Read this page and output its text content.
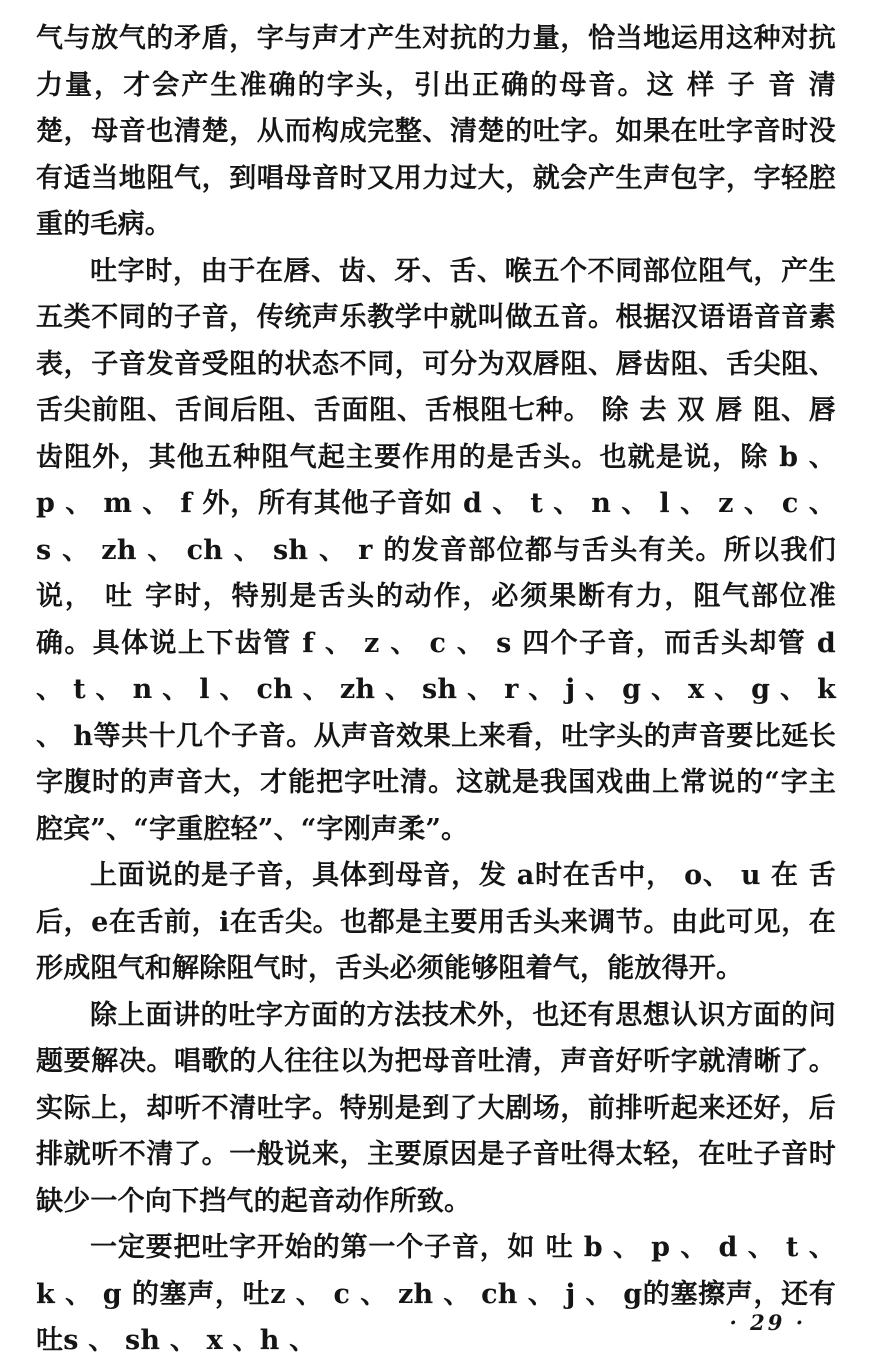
气与放气的矛盾，字与声才产生对抗的力量，恰当地运用这种对抗力量，才会产生准确的字头，引出正确的母音。这 样 子 音 清 楚，母音也清楚，从而构成完整、清楚的吐字。如果在吐字音时没有适当地阻气，到唱母音时又用力过大，就会产生声包字，字轻腔重的毛病。

吐字时，由于在唇、齿、牙、舌、喉五个不同部位阻气，产生五类不同的子音，传统声乐教学中就叫做五音。根据汉语语音音素表，子音发音受阻的状态不同，可分为双唇阻、唇齿阻、舌尖阻、舌尖前阻、舌间后阻、舌面阻、舌根阻七种。 除 去 双 唇 阻、唇齿阻外，其他五种阻气起主要作用的是舌头。也就是说，除 b 、 p 、 m 、 f 外，所有其他子音如 d 、 t 、 n 、 l 、 z 、 c 、 s 、 zh 、 ch 、 sh 、 r 的发音部位都与舌头有关。所以我们 说， 吐 字时，特别是舌头的动作，必须果断有力，阻气部位准确。具体说上下齿管 f 、 z 、 c 、 s 四个子音，而舌头却管 d 、 t 、 n 、 l 、 ch 、 zh 、 sh 、 r 、 j 、 g 、 x 、 g 、 k 、 h等共十几个子音。从声音效果上来看，吐字头的声音要比延长字腹时的声音大，才能把字吐清。这就是我国戏曲上常说的“字主腔宾”、“字重腔轻”、“字刚声柔”。

上面说的是子音，具体到母音，发 a时在舌中， o、 u 在 舌 后，e在舌前，i在舌尖。也都是主要用舌头来调节。由此可见，在形成阻气和解除阻气时，舌头必须能够阻着气，能放得开。

除上面讲的吐字方面的方法技术外，也还有思想认识方面的问题要解决。唱歌的人往往以为把母音吐清，声音好听字就清晰了。实际上，却听不清吐字。特别是到了大剧场，前排听起来还好，后排就听不清了。一般说来，主要原因是子音吐得太轻，在吐子音时缺少一个向下挡气的起音动作所致。

一定要把吐字开始的第一个子音，如 吐 b 、 p 、 d 、 t 、 k 、 g 的塞声，吐z 、 c 、 zh 、 ch 、 j 、 g的塞擦声，还有吐s 、 sh 、 x 、h 、

· 29 ·
